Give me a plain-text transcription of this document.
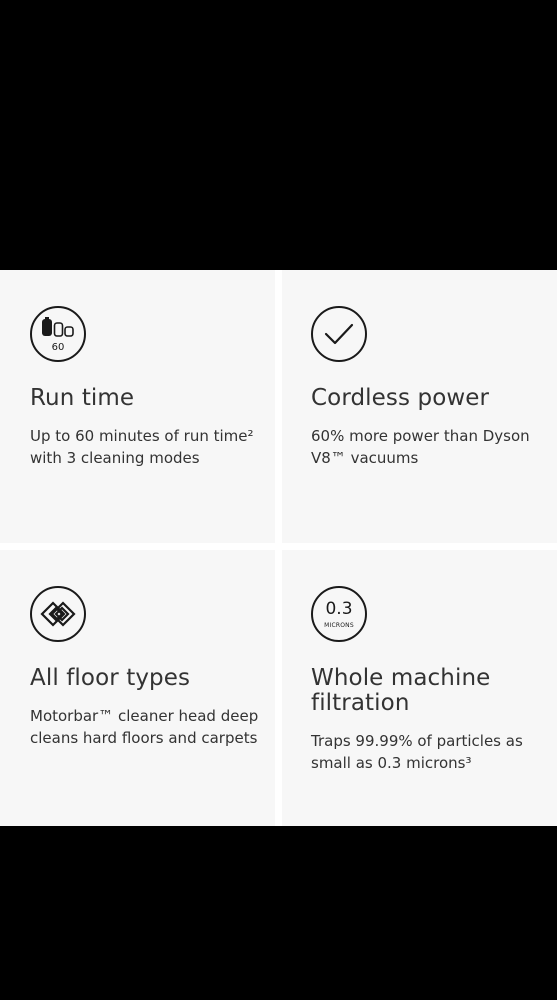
60
Run time
Up to 60 minutes of run time² with 3 cleaning modes
Cordless power
60% more power than Dyson V8™ vacuums
All floor types
Motorbar™ cleaner head deep cleans hard floors and carpets
0.3
MICRONS
Whole machine filtration
Traps 99.99% of particles as small as 0.3 microns³
